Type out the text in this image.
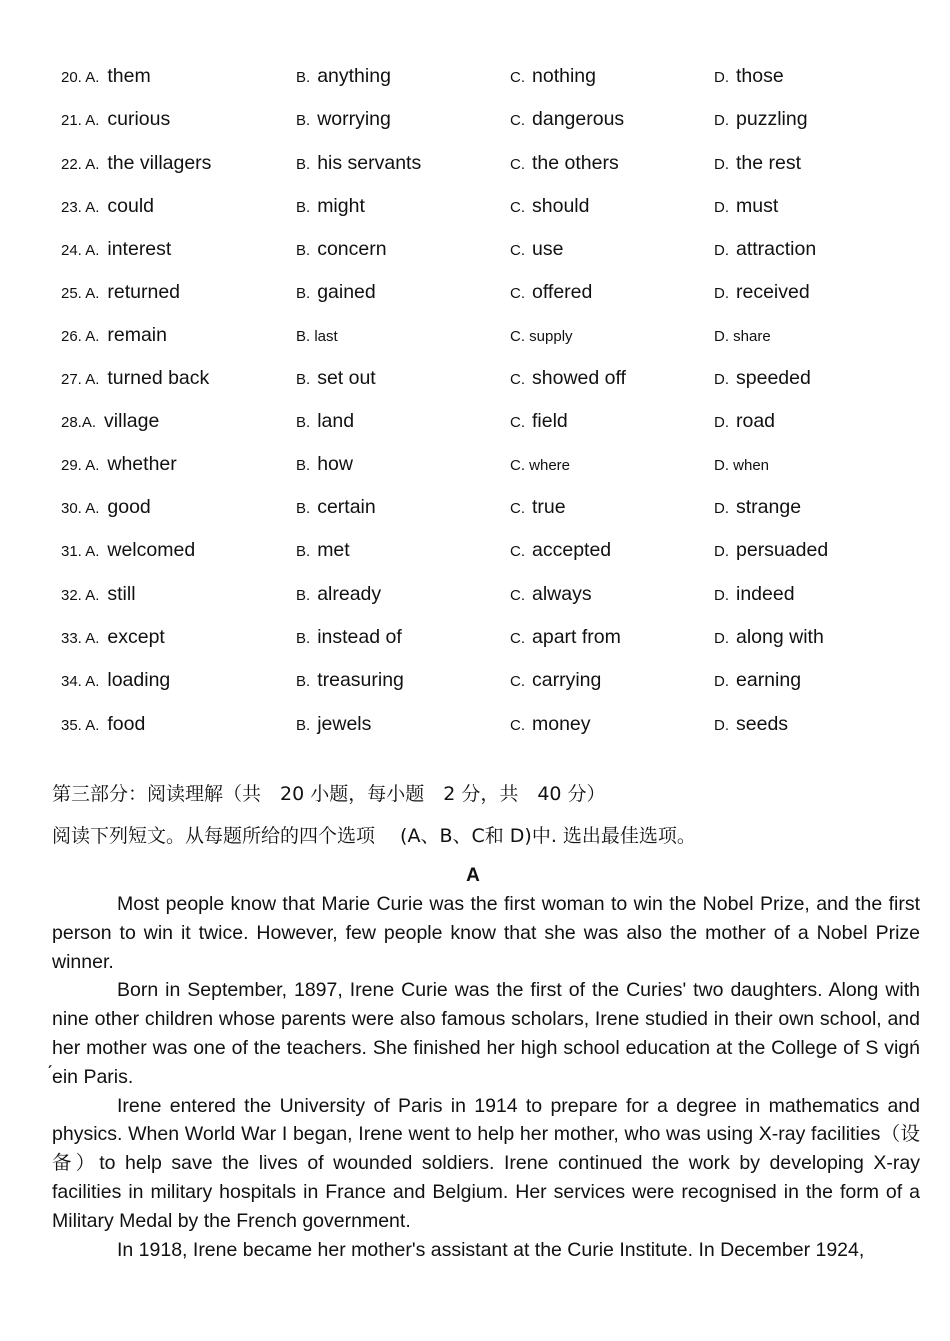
20. A. them	B. anything	C. nothing	D. those
21. A. curious	B. worrying	C. dangerous	D. puzzling
22. A. the villagers	B. his servants	C. the others	D. the rest
23. A. could	B. might	C. should	D. must
24. A. interest	B. concern	C. use	D. attraction
25. A. returned	B. gained	C. offered	D. received
26. A. remain	B. last	C. supply	D. share
27. A. turned back	B. set out	C. showed off	D. speeded
28.A. village	B. land	C. field	D. road
29. A. whether	B. how	C. where	D. when
30. A. good	B. certain	C. true	D. strange
31. A. welcomed	B. met	C. accepted	D. persuaded
32. A. still	B. already	C. always	D. indeed
33. A. except	B. instead of	C. apart from	D. along with
34. A. loading	B. treasuring	C. carrying	D. earning
35. A. food	B. jewels	C. money	D. seeds
第三部分：阅读理解（共　20 小题，每小题　2 分，共　40 分）
阅读下列短文。从每题所给的四个选项　 (A、B、C和 D)中. 选出最佳选项。
A

Most people know that Marie Curie was the first woman to win the Nobel Prize, and the first person to win it twice. However, few people know that she was also the mother of a Nobel Prize winner.

Born in September, 1897, Irene Curie was the first of the Curies' two daughters. Along with nine other children whose parents were also famous scholars, Irene studied in their own school, and her mother was one of the teachers. She finished her high school education at the College of S vigń ́ein Paris.

Irene entered the University of Paris in 1914 to prepare for a degree in mathematics and physics. When World War I began, Irene went to help her mother, who was using X-ray facilities（设备）to help save the lives of wounded soldiers. Irene continued the work by developing X-ray facilities in military hospitals in France and Belgium. Her services were recognised in the form of a Military Medal by the French government.

In 1918, Irene became her mother's assistant at the Curie Institute. In December 1924,
